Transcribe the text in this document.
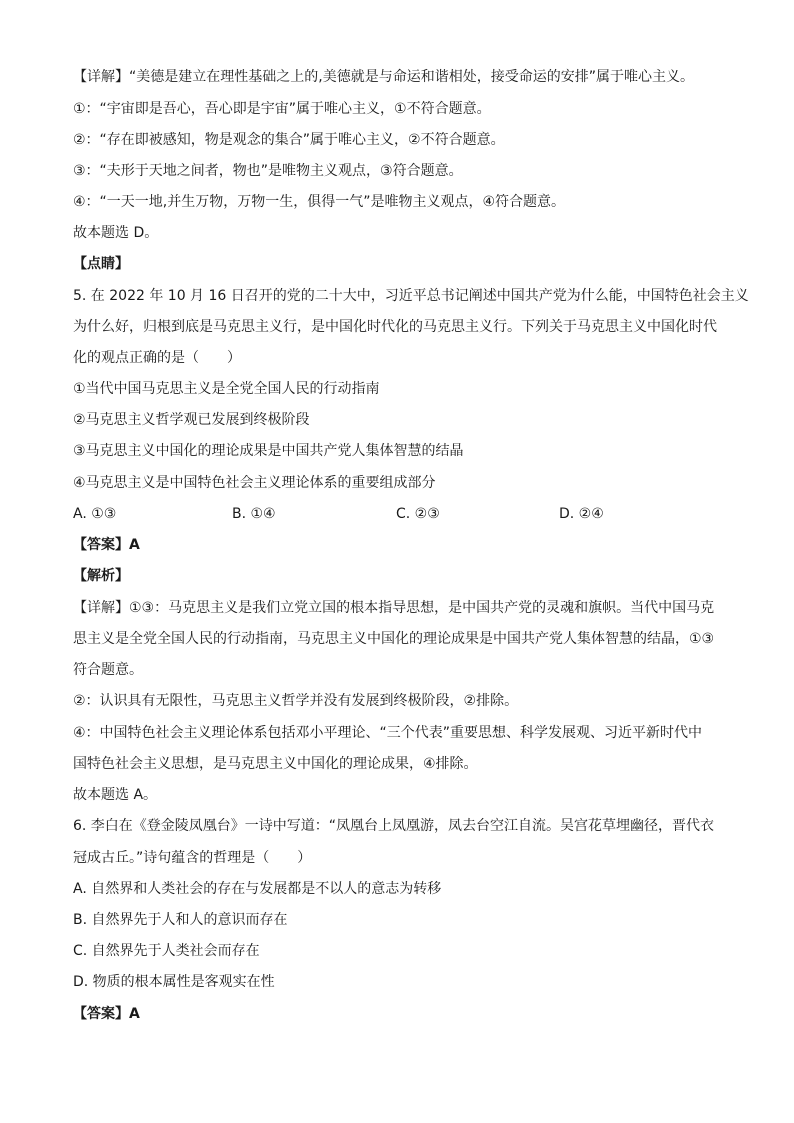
【详解】“美德是建立在理性基础之上的,美德就是与命运和谐相处，接受命运的安排”属于唯心主义。
①：“宇宙即是吾心，吾心即是宇宙”属于唯心主义，①不符合题意。
②：“存在即被感知，物是观念的集合”属于唯心主义，②不符合题意。
③：“夫形于天地之间者，物也”是唯物主义观点，③符合题意。
④：“一天一地,并生万物，万物一生，俱得一气”是唯物主义观点，④符合题意。
故本题选 D。
【点睛】
5. 在 2022 年 10 月 16 日召开的党的二十大中，习近平总书记阐述中国共产党为什么能，中国特色社会主义
为什么好，归根到底是马克思主义行，是中国化时代化的马克思主义行。下列关于马克思主义中国化时代
化的观点正确的是（　　）
①当代中国马克思主义是全党全国人民的行动指南
②马克思主义哲学观已发展到终极阶段
③马克思主义中国化的理论成果是中国共产党人集体智慧的结晶
④马克思主义是中国特色社会主义理论体系的重要组成部分
A. ①③	B. ①④	C. ②③	D. ②④
【答案】A
【解析】
【详解】①③：马克思主义是我们立党立国的根本指导思想，是中国共产党的灵魂和旗帜。当代中国马克
思主义是全党全国人民的行动指南，马克思主义中国化的理论成果是中国共产党人集体智慧的结晶，①③
符合题意。
②：认识具有无限性，马克思主义哲学并没有发展到终极阶段，②排除。
④：中国特色社会主义理论体系包括邓小平理论、“三个代表”重要思想、科学发展观、习近平新时代中
国特色社会主义思想，是马克思主义中国化的理论成果，④排除。
故本题选 A。
6. 李白在《登金陵凤凰台》一诗中写道：“凤凰台上凤凰游，凤去台空江自流。吴宫花草埋幽径，晋代衣
冠成古丘。”诗句蕴含的哲理是（　　）
A. 自然界和人类社会的存在与发展都是不以人的意志为转移
B. 自然界先于人和人的意识而存在
C. 自然界先于人类社会而存在
D. 物质的根本属性是客观实在性
【答案】A
